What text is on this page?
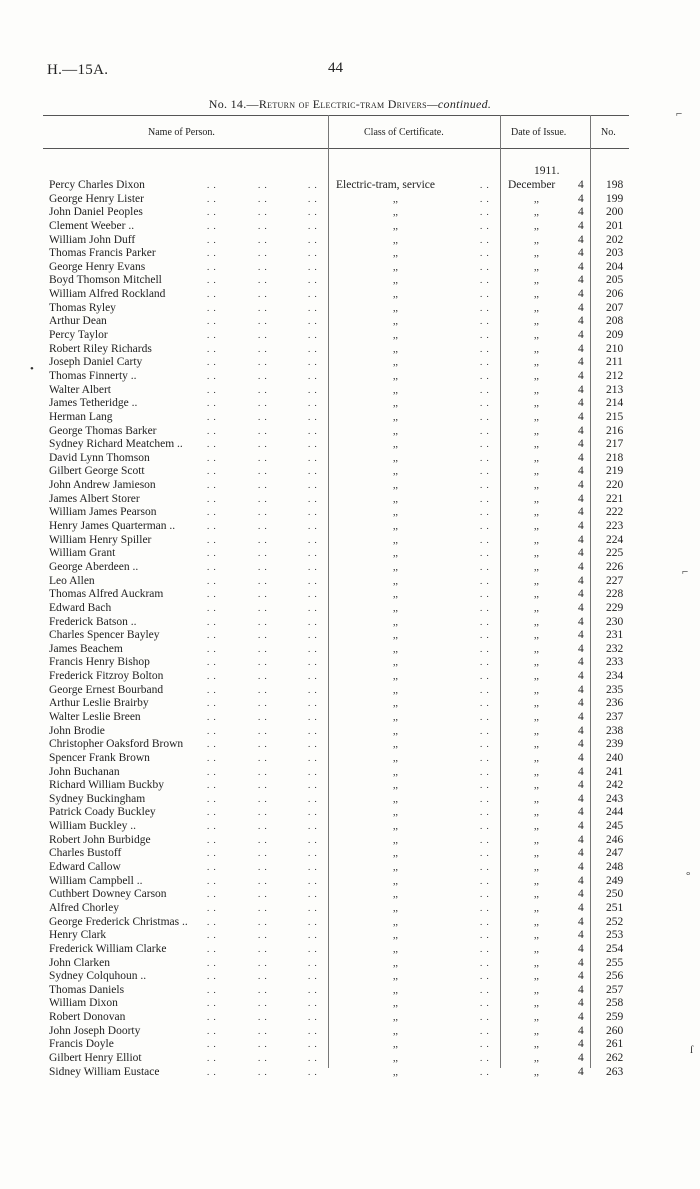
H.—15A.	44
No. 14.—Return of Electric-tram Drivers—continued.
Name of Person.	Class of Certificate.	Date of Issue.	No.
1911.
Percy Charles Dixon	. .	. .	. . Electric-tram, service	. . December 4 198
George Henry Lister	. .	. .	. .	,,	. .	,,	4 199
John Daniel Peoples	. .	. .	. .	,,	. .	,,	4 200
Clement Weeber ..	. .	. .	. .	,,	. .	,,	4 201
William John Duff	. .	. .	. .	,,	. .	,,	4 202
Thomas Francis Parker	. .	. .	. .	,,	. .	,,	4 203
George Henry Evans	. .	. .	. .	,,	. .	,,	4 204
Boyd Thomson Mitchell	. .	. .	. .	,,	. .	,,	4 205
William Alfred Rockland	. .	. .	. .	,,	. .	,,	4 206
Thomas Ryley	. .	. .	. .	,,	. .	,,	4 207
Arthur Dean	. .	. .	. .	,,	. .	,,	4 208
Percy Taylor	. .	. .	. .	,,	. .	,,	4 209
Robert Riley Richards	. .	. .	. .	,,	. .	,,	4 210
Joseph Daniel Carty	. .	. .	. .	,,	. .	,,	4 211
Thomas Finnerty ..	. .	. .	. .	,,	. .	,,	4 212
Walter Albert	. .	. .	. .	,,	. .	,,	4 213
James Tetheridge ..	. .	. .	. .	,,	. .	,,	4 214
Herman Lang	. .	. .	. .	,,	. .	,,	4 215
George Thomas Barker	. .	. .	. .	,,	. .	,,	4 216
Sydney Richard Meatchem ..	. .	. .	. .	,,	. .	,,	4 217
David Lynn Thomson	. .	. .	. .	,,	. .	,,	4 218
Gilbert George Scott	. .	. .	. .	,,	. .	,,	4 219
John Andrew Jamieson	. .	. .	. .	,,	. .	,,	4 220
James Albert Storer	. .	. .	. .	,,	. .	,,	4 221
William James Pearson	. .	. .	. .	,,	. .	,,	4 222
Henry James Quarterman ..	. .	. .	. .	,,	. .	,,	4 223
William Henry Spiller	. .	. .	. .	,,	. .	,,	4 224
William Grant	. .	. .	. .	,,	. .	,,	4 225
George Aberdeen ..	. .	. .	. .	,,	. .	,,	4 226
Leo Allen	. .	. .	. .	,,	. .	,,	4 227
Thomas Alfred Auckram	. .	. .	. .	,,	. .	,,	4 228
Edward Bach	. .	. .	. .	,,	. .	,,	4 229
Frederick Batson ..	. .	. .	. .	,,	. .	,,	4 230
Charles Spencer Bayley	. .	. .	. .	,,	. .	,,	4 231
James Beachem	. .	. .	. .	,,	. .	,,	4 232
Francis Henry Bishop	. .	. .	. .	,,	. .	,,	4 233
Frederick Fitzroy Bolton	. .	. .	. .	,,	. .	,,	4 234
George Ernest Bourband	. .	. .	. .	,,	. .	,,	4 235
Arthur Leslie Brairby	. .	. .	. .	,,	. .	,,	4 236
Walter Leslie Breen	. .	. .	. .	,,	. .	,,	4 237
John Brodie	. .	. .	. .	,,	. .	,,	4 238
Christopher Oaksford Brown	. .	. .	. .	,,	. .	,,	4 239
Spencer Frank Brown	. .	. .	. .	,,	. .	,,	4 240
John Buchanan	. .	. .	. .	,,	. .	,,	4 241
Richard William Buckby	. .	. .	. .	,,	. .	,,	4 242
Sydney Buckingham	. .	. .	. .	,,	. .	,,	4 243
Patrick Coady Buckley	. .	. .	. .	,,	. .	,,	4 244
William Buckley ..	. .	. .	. .	,,	. .	,,	4 245
Robert John Burbidge	. .	. .	. .	,,	. .	,,	4 246
Charles Bustoff	. .	. .	. .	,,	. .	,,	4 247
Edward Callow	. .	. .	. .	,,	. .	,,	4 248
William Campbell ..	. .	. .	. .	,,	. .	,,	4 249
Cuthbert Downey Carson	. .	. .	. .	,,	. .	,,	4 250
Alfred Chorley	. .	. .	. .	,,	. .	,,	4 251
George Frederick Christmas .. . .	. .	. .	,,	. .	,,	4 252
Henry Clark	. .	. .	. .	,,	. .	,,	4 253
Frederick William Clarke	. .	. .	. .	,,	. .	,,	4 254
John Clarken	. .	. .	. .	,,	. .	,,	4 255
Sydney Colquhoun ..	. .	. .	. .	,,	. .	,,	4 256
Thomas Daniels	. .	. .	. .	,,	. .	,,	4 257
William Dixon	. .	. .	. .	,,	. .	,,	4 258
Robert Donovan	. .	. .	. .	,,	. .	,,	4 259
John Joseph Doorty	. .	. .	. .	,,	. .	,,	4 260
Francis Doyle	. .	. .	. .	,,	. .	,,	4 261
Gilbert Henry Elliot	. .	. .	. .	,,	. .	,,	4 262
Sidney William Eustace	. .	. .	. .	,,	. .	,,	4 263
•
⌐
⌐
°
ſ
